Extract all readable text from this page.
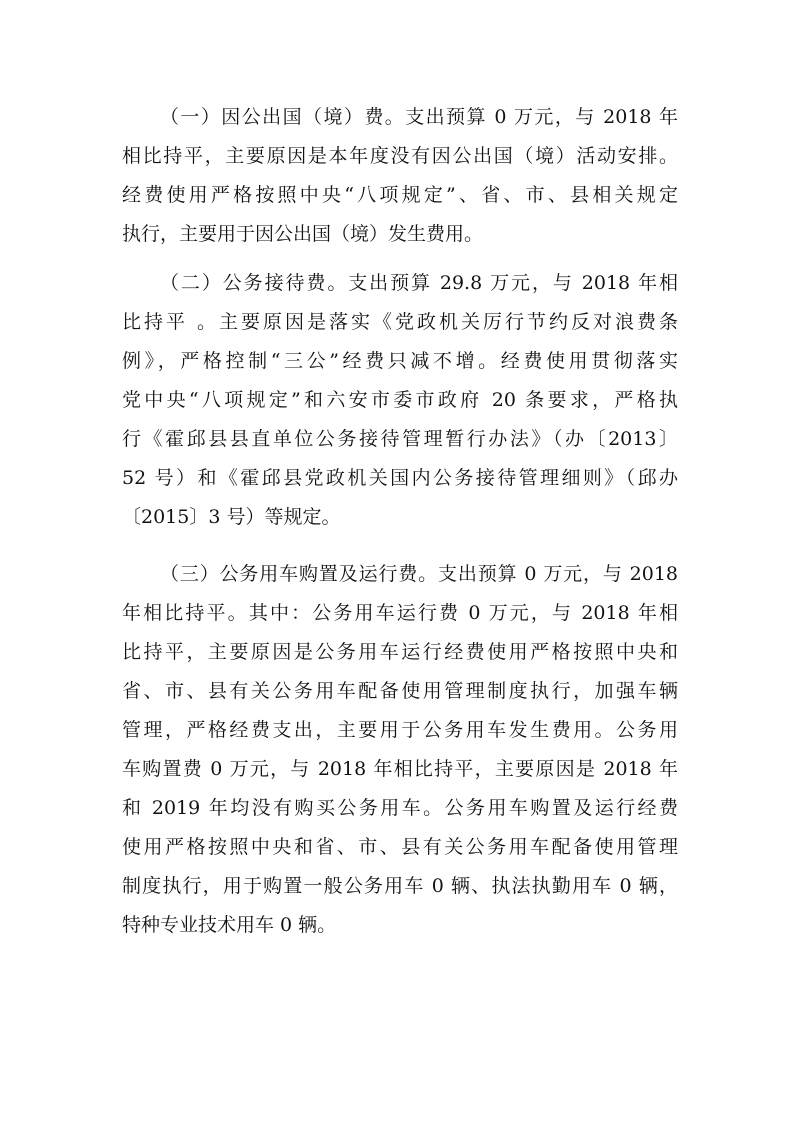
（一）因公出国（境）费。支出预算 0 万元，与 2018 年
相比持平，主要原因是本年度没有因公出国（境）活动安排。
经费使用严格按照中央“八项规定”、省、市、县相关规定
执行，主要用于因公出国（境）发生费用。
（二）公务接待费。支出预算 29.8 万元，与 2018 年相
比持平 。主要原因是落实《党政机关厉行节约反对浪费条
例》，严格控制“三公”经费只减不增。经费使用贯彻落实
党中央“八项规定”和六安市委市政府 20 条要求，严格执
行《霍邱县县直单位公务接待管理暂行办法》（办〔2013〕
52 号）和《霍邱县党政机关国内公务接待管理细则》（邱办
〔2015〕3 号）等规定。
（三）公务用车购置及运行费。支出预算 0 万元，与 2018
年相比持平。其中：公务用车运行费 0 万元，与 2018 年相
比持平，主要原因是公务用车运行经费使用严格按照中央和
省、市、县有关公务用车配备使用管理制度执行，加强车辆
管理，严格经费支出，主要用于公务用车发生费用。公务用
车购置费 0 万元，与 2018 年相比持平，主要原因是 2018 年
和 2019 年均没有购买公务用车。公务用车购置及运行经费
使用严格按照中央和省、市、县有关公务用车配备使用管理
制度执行，用于购置一般公务用车 0 辆、执法执勤用车 0 辆，
特种专业技术用车 0 辆。
